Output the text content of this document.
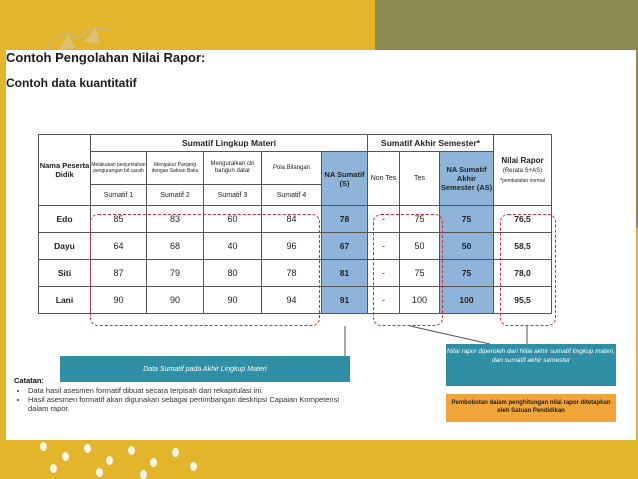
Contoh Pengolahan Nilai Rapor:
Contoh data kuantitatif
Nama Peserta Didik	Sumatif Lingkup Materi					Sumatif Akhir Semester*			Nilai Rapor
(Rerata S+AS)
*pembulatan normal

	Melakukan penjumlahan pengurangan bil cacah	Mengukur Panjang dengan Satuan Baku	Menguraikan ciri bangun datar	Pola Bilangan	NA Sumatif (S)	Non Tes	Tes	NA Sumatif Akhir Semester (AS)	
	Sumatif 1	Sumatif 2	Sumatif 3	Sumatif 4					
Edo	85	83	60	84	78	-	75	75	76,5
Dayu	64	68	40	96	67	-	50	50	58,5
Siti	87	79	80	78	81	-	75	75	78,0
Lani	90	90	90	94	91	-	100	100	95,5
Data Sumatif pada Akhir Lingkup Materi
Nilai rapor diperoleh dari Nilai akhir sumatif lingkup materi, dan sumatif akhir semester
Pembobotan dalam penghitungan nilai rapor ditetapkan oleh Satuan Pendidikan
Catatan:
• Data hasil asesmen formatif dibuat secara terpisah dari rekapitulasi ini.
• Hasil asesmen formatif akan digunakan sebagai pertimbangan deskripsi Capaian Kompetensi dalam rapor.
